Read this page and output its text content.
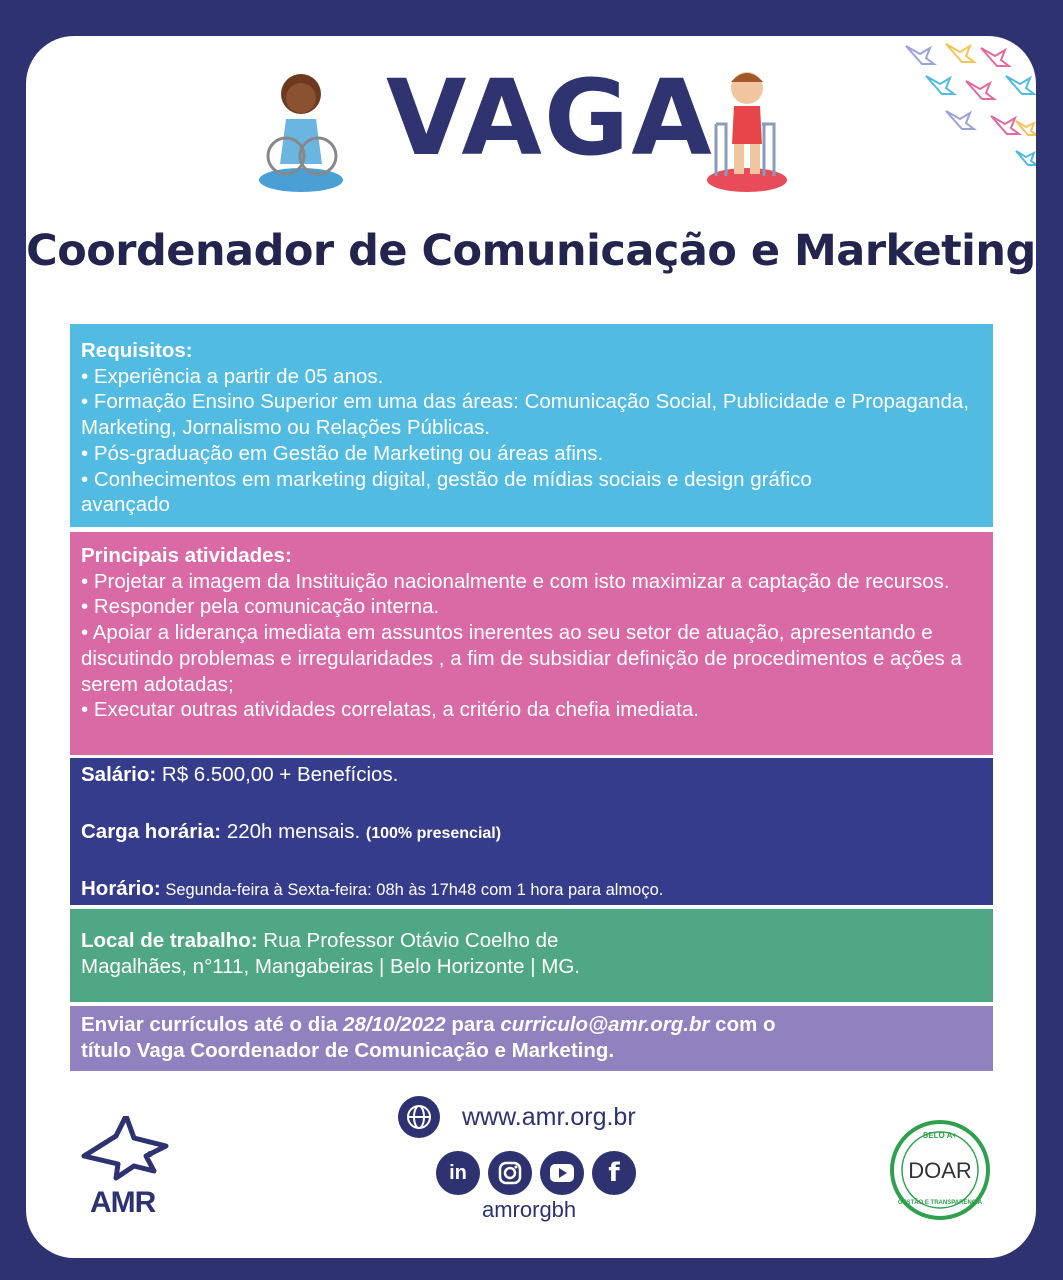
VAGA
Coordenador de Comunicação e Marketing
Requisitos:
• Experiência a partir de 05 anos.
• Formação Ensino Superior em uma das áreas: Comunicação Social, Publicidade e Propaganda, Marketing, Jornalismo ou Relações Públicas.
• Pós-graduação em Gestão de Marketing ou áreas afins.
• Conhecimentos em marketing digital, gestão de mídias sociais e design gráfico avançado
Principais atividades:
• Projetar a imagem da Instituição nacionalmente e com isto maximizar a captação de recursos.
• Responder pela comunicação interna.
• Apoiar a liderança imediata em assuntos inerentes ao seu setor de atuação, apresentando e discutindo problemas e irregularidades , a fim de subsidiar definição de procedimentos e ações a serem adotadas;
• Executar outras atividades correlatas, a critério da chefia imediata.
Salário: R$ 6.500,00 + Benefícios.
Carga horária: 220h mensais. (100% presencial)
Horário: Segunda-feira à Sexta-feira: 08h às 17h48 com 1 hora para almoço.
Local de trabalho: Rua Professor Otávio Coelho de
Magalhães, n°111, Mangabeiras | Belo Horizonte | MG.
Enviar currículos até o dia 28/10/2022 para curriculo@amr.org.br com o
título Vaga Coordenador de Comunicação e Marketing.
AMR
www.amr.org.br
in	f
amrorgbh
SELO A+
DOAR
GESTÃO E TRANSPARÊNCIA
